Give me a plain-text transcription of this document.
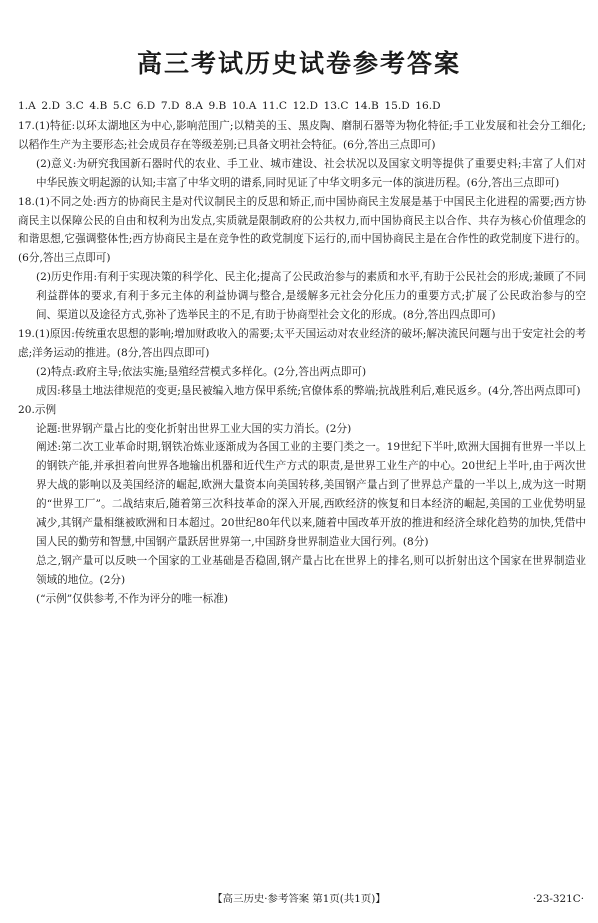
高三考试历史试卷参考答案
1.A 2.D 3.C 4.B 5.C 6.D 7.D 8.A 9.B 10.A 11.C 12.D 13.C 14.B 15.D 16.D

17.(1)特征:以环太湖地区为中心,影响范围广;以精美的玉、黑皮陶、磨制石器等为物化特征;手工业发展和社会分工细化;以稻作生产为主要形态;社会成员存在等级差别;已具备文明社会特征。(6分,答出三点即可)

(2)意义:为研究我国新石器时代的农业、手工业、城市建设、社会状况以及国家文明等提供了重要史料;丰富了人们对中华民族文明起源的认知;丰富了中华文明的谱系,同时见证了中华文明多元一体的演进历程。(6分,答出三点即可)

18.(1)不同之处:西方的协商民主是对代议制民主的反思和矫正,而中国协商民主发展是基于中国民主化进程的需要;西方协商民主以保障公民的自由和权利为出发点,实质就是限制政府的公共权力,而中国协商民主以合作、共存为核心价值理念的和谐思想,它强调整体性;西方协商民主是在竞争性的政党制度下运行的,而中国协商民主是在合作性的政党制度下进行的。(6分,答出三点即可)

(2)历史作用:有利于实现决策的科学化、民主化;提高了公民政治参与的素质和水平,有助于公民社会的形成;兼顾了不同利益群体的要求,有利于多元主体的利益协调与整合,是缓解多元社会分化压力的重要方式;扩展了公民政治参与的空间、渠道以及途径方式,弥补了选举民主的不足,有助于协商型社会文化的形成。(8分,答出四点即可)

19.(1)原因:传统重农思想的影响;增加财政收入的需要;太平天国运动对农业经济的破坏;解决流民问题与出于安定社会的考虑;洋务运动的推进。(8分,答出四点即可)

(2)特点:政府主导;依法实施;垦殖经营模式多样化。(2分,答出两点即可)

成因:移垦土地法律规范的变更;垦民被编入地方保甲系统;官僚体系的弊端;抗战胜利后,难民返乡。(4分,答出两点即可)

20.示例

论题:世界钢产量占比的变化折射出世界工业大国的实力消长。(2分)

阐述:第二次工业革命时期,钢铁冶炼业逐渐成为各国工业的主要门类之一。19世纪下半叶,欧洲大国拥有世界一半以上的钢铁产能,并承担着向世界各地输出机器和近代生产方式的职责,是世界工业生产的中心。20世纪上半叶,由于两次世界大战的影响以及美国经济的崛起,欧洲大量资本向美国转移,美国钢产量占到了世界总产量的一半以上,成为这一时期的“世界工厂”。二战结束后,随着第三次科技革命的深入开展,西欧经济的恢复和日本经济的崛起,美国的工业优势明显减少,其钢产量相继被欧洲和日本超过。20世纪80年代以来,随着中国改革开放的推进和经济全球化趋势的加快,凭借中国人民的勤劳和智慧,中国钢产量跃居世界第一,中国跻身世界制造业大国行列。(8分)

总之,钢产量可以反映一个国家的工业基础是否稳固,钢产量占比在世界上的排名,则可以折射出这个国家在世界制造业领域的地位。(2分)

(“示例”仅供参考,不作为评分的唯一标准)

【高三历史·参考答案 第1页(共1页)】	·23-321C·
